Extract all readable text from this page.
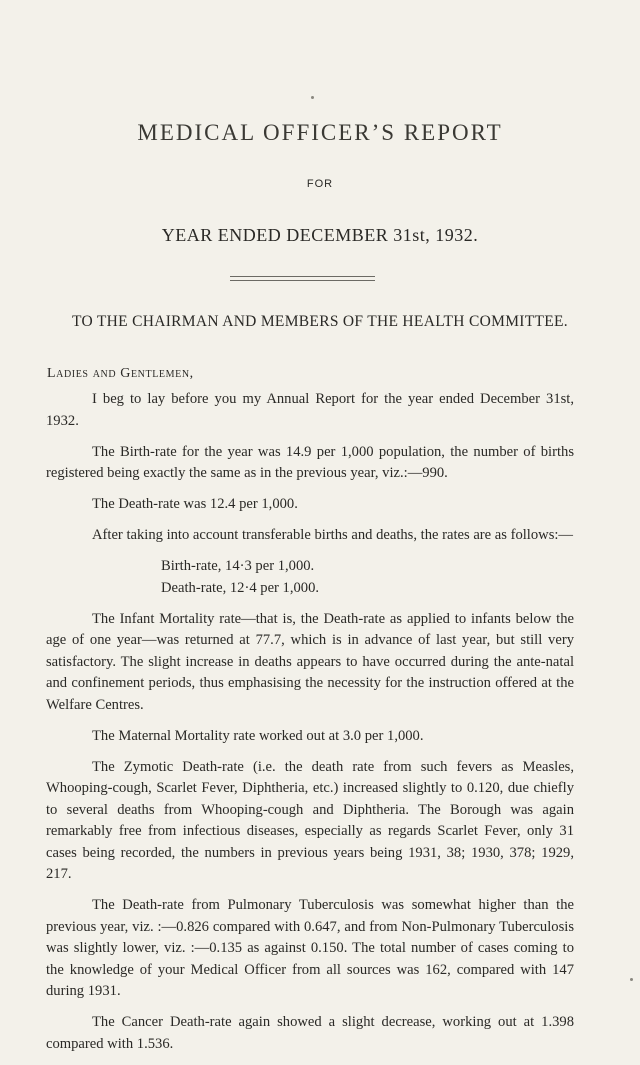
MEDICAL OFFICER’S REPORT
FOR
YEAR ENDED DECEMBER 31st, 1932.
TO THE CHAIRMAN AND MEMBERS OF THE HEALTH COMMITTEE.
Ladies and Gentlemen,

I beg to lay before you my Annual Report for the year ended December 31st, 1932.

The Birth-rate for the year was 14.9 per 1,000 population, the number of births registered being exactly the same as in the previous year, viz.:—990.

The Death-rate was 12.4 per 1,000.

After taking into account transferable births and deaths, the rates are as follows:—

Birth-rate, 14·3 per 1,000.
Death-rate, 12·4 per 1,000.

The Infant Mortality rate—that is, the Death-rate as applied to infants below the age of one year—was returned at 77.7, which is in advance of last year, but still very satisfactory. The slight increase in deaths appears to have occurred during the ante-natal and confinement periods, thus emphasising the necessity for the instruction offered at the Welfare Centres.

The Maternal Mortality rate worked out at 3.0 per 1,000.

The Zymotic Death-rate (i.e. the death rate from such fevers as Measles, Whooping-cough, Scarlet Fever, Diphtheria, etc.) increased slightly to 0.120, due chiefly to several deaths from Whooping-cough and Diphtheria. The Borough was again remarkably free from infectious diseases, especially as regards Scarlet Fever, only 31 cases being recorded, the numbers in previous years being 1931, 38; 1930, 378; 1929, 217.

The Death-rate from Pulmonary Tuberculosis was somewhat higher than the previous year, viz. :—0.826 compared with 0.647, and from Non-Pulmonary Tuberculosis was slightly lower, viz. :—0.135 as against 0.150. The total number of cases coming to the knowledge of your Medical Officer from all sources was 162, compared with 147 during 1931.

The Cancer Death-rate again showed a slight decrease, working out at 1.398 compared with 1.536.
